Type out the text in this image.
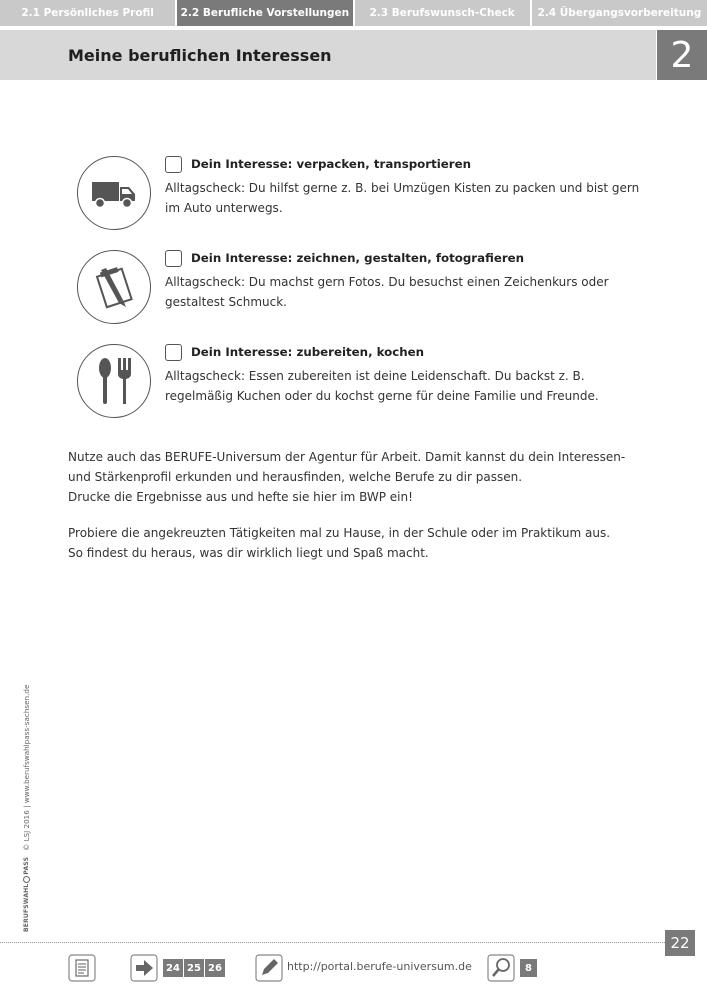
2.1 Persönliches Profil	2.2 Berufliche Vorstellungen	2.3 Berufswunsch-Check	2.4 Übergangsvorbereitung
Meine beruflichen Interessen	2
Dein Interesse: verpacken, transportieren
Alltagscheck: Du hilfst gerne z. B. bei Umzügen Kisten zu packen und bist gern im Auto unterwegs.
Dein Interesse: zeichnen, gestalten, fotografieren
Alltagscheck: Du machst gern Fotos. Du besuchst einen Zeichenkurs oder gestaltest Schmuck.
Dein Interesse: zubereiten, kochen
Alltagscheck: Essen zubereiten ist deine Leidenschaft. Du backst z. B. regelmäßig Kuchen oder du kochst gerne für deine Familie und Freunde.
Nutze auch das BERUFE-Universum der Agentur für Arbeit. Damit kannst du dein Interessen-
und Stärkenprofil erkunden und herausfinden, welche Berufe zu dir passen.
Drucke die Ergebnisse aus und hefte sie hier im BWP ein!
Probiere die angekreuzten Tätigkeiten mal zu Hause, in der Schule oder im Praktikum aus.
So findest du heraus, was dir wirklich liegt und Spaß macht.
BERUFSWAHLPASS
© LSJ 2016 | www.berufswahlpass-sachsen.de
22
24 25 26	http://portal.berufe-universum.de	8
